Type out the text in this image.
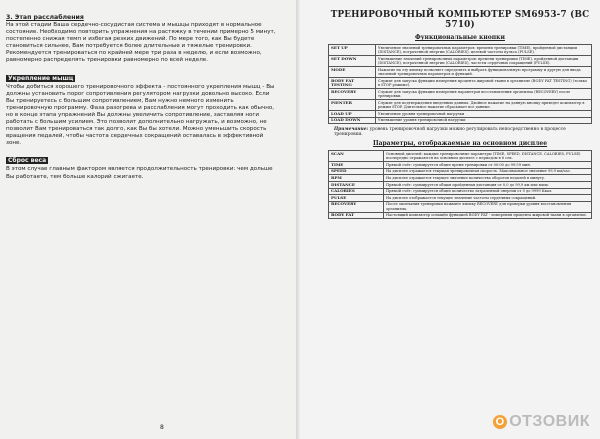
3. Этап расслабления

На этой стадии Ваша сердечно-сосудистая система и мышцы приходят в нормальное состояние. Необходимо повторить упражнения на растяжку в течении примерно 5 минут, постепенно снижая темп и избегая резких движений. По мере того, как Вы будете становиться сильнее, Вам потребуется более длительные и тяжелые тренировки. Рекомендуется тренироваться по крайней мере три раза в неделю, и если возможно, равномерно распределять тренировки равномерно по всей неделе.

Укрепление мышц

Чтобы добиться хорошего тренировочного эффекта - постоянного укрепления мышц - Вы должны установить порог сопротивления регулятором нагрузки довольно высоко. Если Вы тренируетесь с большим сопротивлением, Вам нужно немного изменить тренировочную программу. Фаза разогрева и расслабления могут проходить как обычно, но в конце этапа упражнений Вы должны увеличить сопротивление, заставляя ноги работать с большим усилием. Это позволит дополнительно нагружать, и возможно, не позволит Вам тренироваться так долго, как Вы бы хотели. Можно уменьшить скорость вращения педалей, чтобы частота сердечных сокращений оставалась в эффективной зоне.

Сброс веса

В этом случае главным фактором является продолжительность тренировки: чем дольше Вы работаете, тем больше калорий сжигаете.

8

ТРЕНИРОВОЧНЫЙ КОМПЬЮТЕР SM6953-7 (ВС 5710)

Функциональные кнопки

SET UP	Увеличение значений тренировочных параметров: времени тренировки (TIME), пройденной дистанции (DISTANCE), потраченной энергии (CALORIES), целевой частоты пульса (PULSE).
SET DOWN	Уменьшение значений тренировочных параметров: времени тренировки (TIME), пройденной дистанции (DISTANCE), потраченной энергии (CALORIES), частоты сердечных сокращений (PULSE).
MODE	Нажатие на эту кнопку позволяет определить и выбрать функциональную программу и другую для ввода значений тренировочных параметров и функций.
BODY FAT TESTING	Служит для запуска функции измерения процента жировой ткани в организме (BODY FAT TESTING) (только в STOP режиме).
RECOVERY	Служит для запуска функции измерения параметров восстановления организма (RECOVERY) после тренировки.
PIENTER	Служит для подтверждения введенных данных. Двойное нажатие на данную кнопку приведет компьютер в режим STOP. Длительное нажатие сбрасывает все данные.
LOAD UP	Увеличение уровня тренировочной нагрузки
LOAD DOWN	Уменьшение уровня тренировочной нагрузки

Примечание: уровень тренировочной нагрузки можно регулировать непосредственно в процессе тренировки.

Параметры, отображаемые на основном дисплее

SCAN	Основной дисплей: каждые тренировочные параметры (TIME, SPEED, DISTANCE, CALORIES, PULSE) поочередно отражаются на основном дисплее с периодом в 6 сек.
TIME	Прямой счёт: суммируется общее время тренировки от 00:00 до 99:59 мин.
SPEED	На дисплее отражается текущая тренировочная скорость. Максимальное значение 99,9 км/час.
RPM	На дисплее отражается текущее значение количества оборотов педалей в минуту.
DISTANCE	Прямой счёт: суммируется общая пройденная дистанция от 0,0 до 99,9 км или миль.
CALORIES	Прямой счёт: суммируется общее количество затраченной энергии от 0 до 9999 Ккал.
PULSE	На дисплее отображается текущее значение частоты сердечных сокращений.
RECOVERY	После окончания тренировки нажмите кнопку RECOVERY для проверки уровня восстановления организма.
BODY FAT	Настоящий компьютер оснащён функцией BODY FAT - измерения процента жировой ткани в организме.
О ОТЗОВИК
